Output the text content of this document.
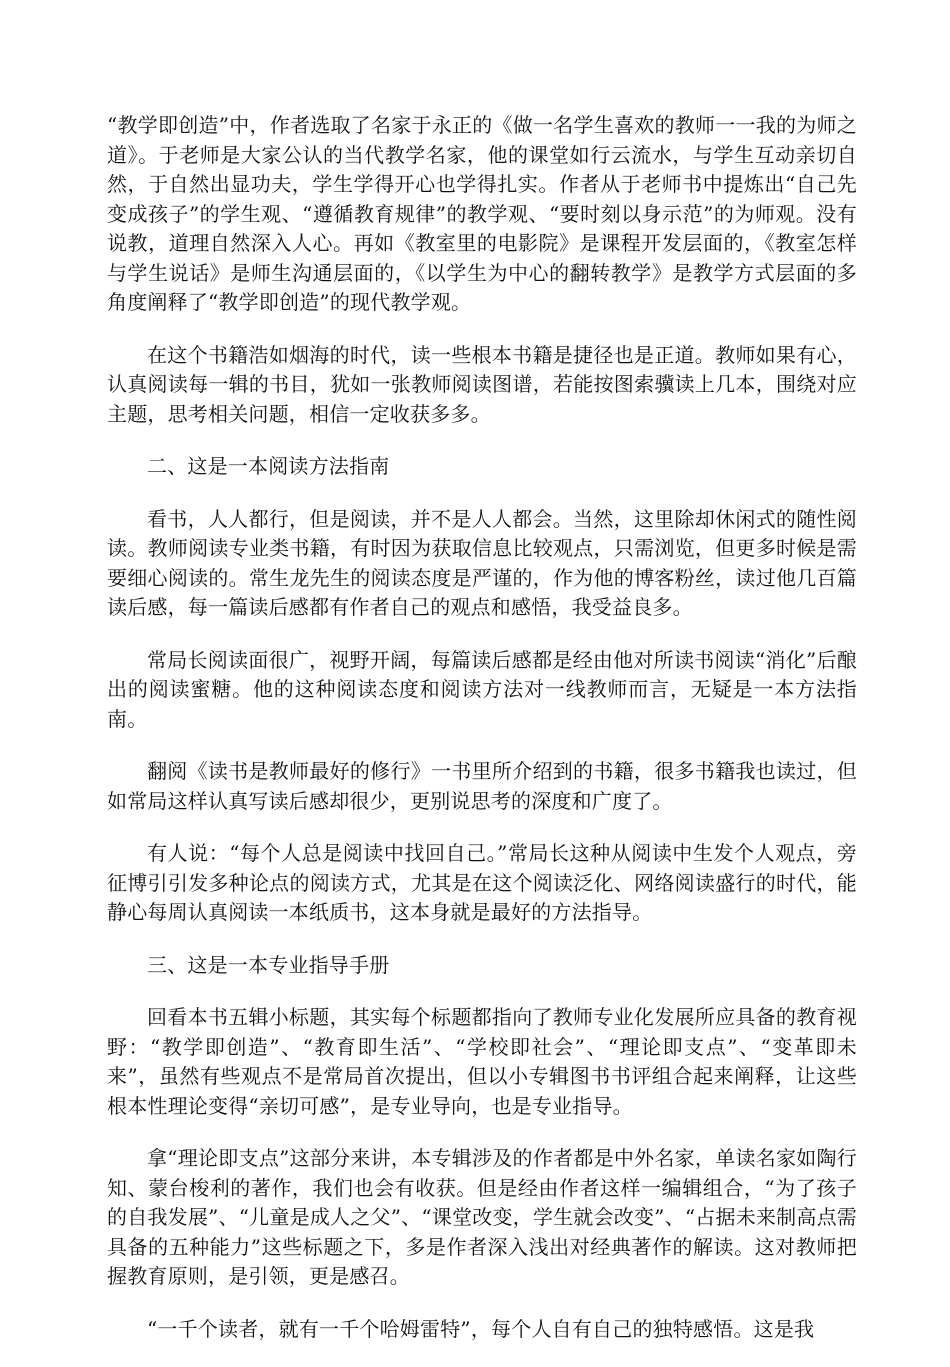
“教学即创造”中，作者选取了名家于永正的《做一名学生喜欢的教师一一我的为师之道》。于老师是大家公认的当代教学名家，他的课堂如行云流水，与学生互动亲切自然，于自然出显功夫，学生学得开心也学得扎实。作者从于老师书中提炼出“自己先变成孩子”的学生观、“遵循教育规律”的教学观、“要时刻以身示范”的为师观。没有说教，道理自然深入人心。再如《教室里的电影院》是课程开发层面的，《教室怎样与学生说话》是师生沟通层面的，《以学生为中心的翻转教学》是教学方式层面的多角度阐释了“教学即创造”的现代教学观。

在这个书籍浩如烟海的时代，读一些根本书籍是捷径也是正道。教师如果有心，认真阅读每一辑的书目，犹如一张教师阅读图谱，若能按图索骥读上几本，围绕对应主题，思考相关问题，相信一定收获多多。

二、这是一本阅读方法指南

看书，人人都行，但是阅读，并不是人人都会。当然，这里除却休闲式的随性阅读。教师阅读专业类书籍，有时因为获取信息比较观点，只需浏览，但更多时候是需要细心阅读的。常生龙先生的阅读态度是严谨的，作为他的博客粉丝，读过他几百篇读后感，每一篇读后感都有作者自己的观点和感悟，我受益良多。

常局长阅读面很广，视野开阔，每篇读后感都是经由他对所读书阅读“消化”后酿出的阅读蜜糖。他的这种阅读态度和阅读方法对一线教师而言，无疑是一本方法指南。

翻阅《读书是教师最好的修行》一书里所介绍到的书籍，很多书籍我也读过，但如常局这样认真写读后感却很少，更别说思考的深度和广度了。

有人说：“每个人总是阅读中找回自己。”常局长这种从阅读中生发个人观点，旁征博引引发多种论点的阅读方式，尤其是在这个阅读泛化、网络阅读盛行的时代，能静心每周认真阅读一本纸质书，这本身就是最好的方法指导。

三、这是一本专业指导手册

回看本书五辑小标题，其实每个标题都指向了教师专业化发展所应具备的教育视野：“教学即创造”、“教育即生活”、“学校即社会”、“理论即支点”、“变革即未来”，虽然有些观点不是常局首次提出，但以小专辑图书书评组合起来阐释，让这些根本性理论变得“亲切可感”，是专业导向，也是专业指导。

拿“理论即支点”这部分来讲，本专辑涉及的作者都是中外名家，单读名家如陶行知、蒙台梭利的著作，我们也会有收获。但是经由作者这样一编辑组合，“为了孩子的自我发展”、“儿童是成人之父”、“课堂改变，学生就会改变”、“占据未来制高点需具备的五种能力”这些标题之下，多是作者深入浅出对经典著作的解读。这对教师把握教育原则，是引领，更是感召。

“一千个读者，就有一千个哈姆雷特”，每个人自有自己的独特感悟。这是我
